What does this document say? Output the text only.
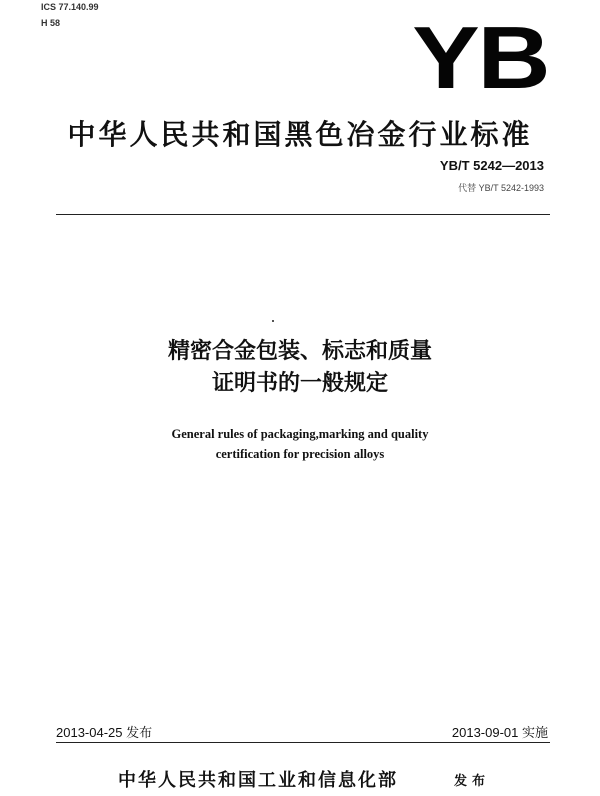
ICS 77.140.99
H 58	YB
中华人民共和国黑色冶金行业标准
YB/T 5242—2013
代替 YB/T 5242-1993
精密合金包装、标志和质量
证明书的一般规定
General rules of packaging,marking and quality
certification for precision alloys
2013-04-25 发布	2013-09-01 实施
中华人民共和国工业和信息化部	发布
